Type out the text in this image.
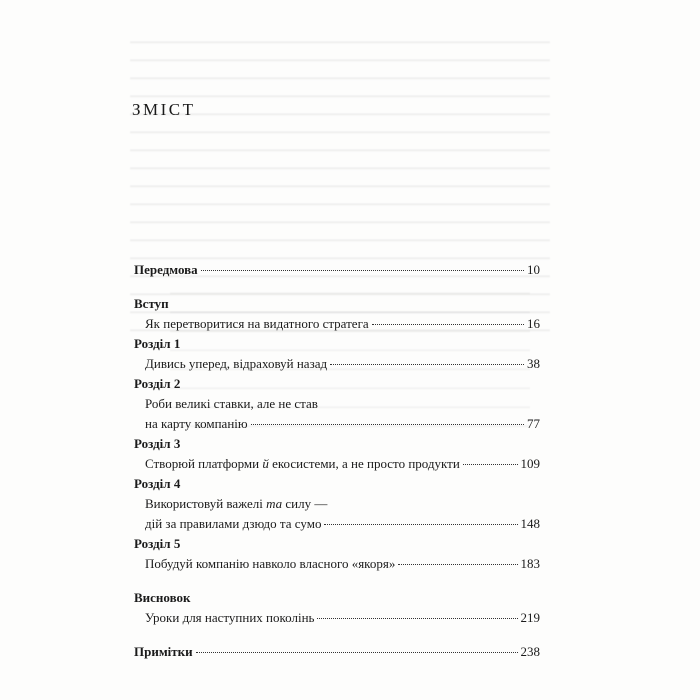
ЗМІСТ
Передмова	10
Вступ
Як перетворитися на видатного стратега	16
Розділ 1
Дивись уперед, відраховуй назад	38
Розділ 2
Роби великі ставки, але не став
на карту компанію	77
Розділ 3
Створюй платформи й екосистеми, а не просто продукти	109
Розділ 4
Використовуй важелі та силу —
дій за правилами дзюдо та сумо	148
Розділ 5
Побудуй компанію навколо власного «якоря»	183
Висновок
Уроки для наступних поколінь	219
Примітки	238
